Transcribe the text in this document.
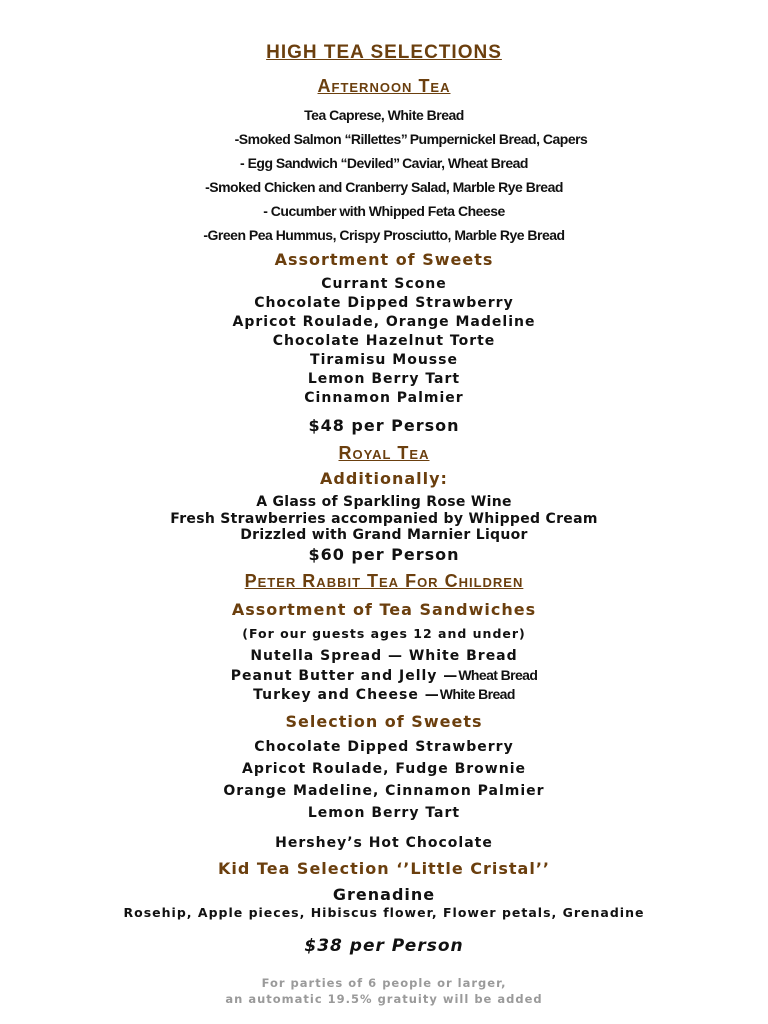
HIGH TEA SELECTIONS

Afternoon Tea

Tea Caprese, White Bread

-Smoked Salmon ‘‘Rillettes’’ Pumpernickel Bread, Capers

- Egg Sandwich ‘‘Deviled’’ Caviar, Wheat Bread

-Smoked Chicken and Cranberry Salad, Marble Rye Bread

- Cucumber with Whipped Feta Cheese

-Green Pea Hummus, Crispy Prosciutto, Marble Rye Bread

Assortment of Sweets

Currant Scone

Chocolate Dipped Strawberry

Apricot Roulade, Orange Madeline

Chocolate Hazelnut Torte

Tiramisu Mousse

Lemon Berry Tart

Cinnamon Palmier

$48 per Person

Royal Tea

Additionally:

A Glass of Sparkling Rose Wine

Fresh Strawberries accompanied by Whipped Cream

Drizzled with Grand Marnier Liquor

$60 per Person

Peter Rabbit Tea For Children

Assortment of Tea Sandwiches

(For our guests ages 12 and under)

Nutella Spread — White Bread

Peanut Butter and Jelly —Wheat Bread

Turkey and Cheese —White Bread

Selection of Sweets

Chocolate Dipped Strawberry

Apricot Roulade, Fudge Brownie

Orange Madeline, Cinnamon Palmier

Lemon Berry Tart

Hershey’s Hot Chocolate

Kid Tea Selection ‘’Little Cristal’’

Grenadine

Rosehip, Apple pieces, Hibiscus flower, Flower petals, Grenadine

$38 per Person

For parties of 6 people or larger,

an automatic 19.5% gratuity will be added
